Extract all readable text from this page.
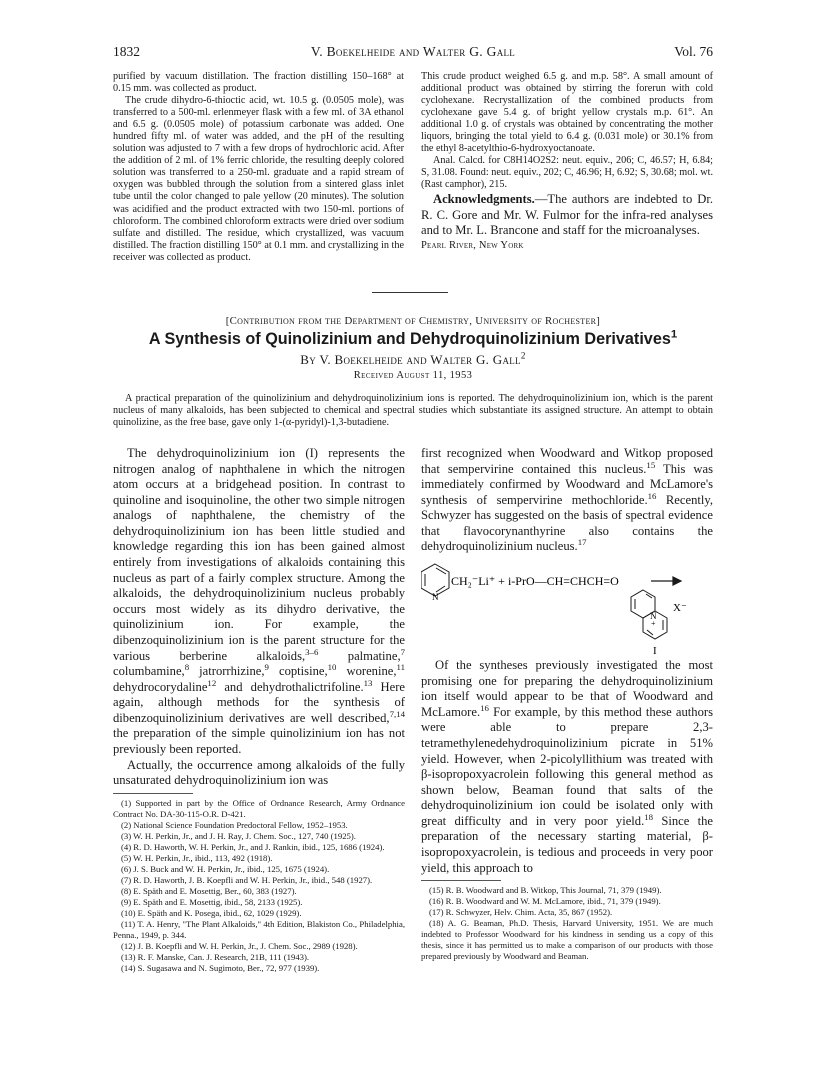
1832	V. Boekelheide and Walter G. Gall	Vol. 76

purified by vacuum distillation. The fraction distilling 150–168° at 0.15 mm. was collected as product.

The crude dihydro-6-thioctic acid, wt. 10.5 g. (0.0505 mole), was transferred to a 500-ml. erlenmeyer flask with a few ml. of 3A ethanol and 6.5 g. (0.0505 mole) of potassium carbonate was added. One hundred fifty ml. of water was added, and the pH of the resulting solution was adjusted to 7 with a few drops of hydrochloric acid. After the addition of 2 ml. of 1% ferric chloride, the resulting deeply colored solution was transferred to a 250-ml. graduate and a rapid stream of oxygen was bubbled through the solution from a sintered glass inlet tube until the color changed to pale yellow (20 minutes). The solution was acidified and the product extracted with two 150-ml. portions of chloroform. The combined chloroform extracts were dried over sodium sulfate and distilled. The residue, which crystallized, was vacuum distilled. The fraction distilling 150° at 0.1 mm. and crystallizing in the receiver was collected as product.

This crude product weighed 6.5 g. and m.p. 58°. A small amount of additional product was obtained by stirring the forerun with cold cyclohexane. Recrystallization of the combined products from cyclohexane gave 5.4 g. of bright yellow crystals m.p. 61°. An additional 1.0 g. of crystals was obtained by concentrating the mother liquors, bringing the total yield to 6.4 g. (0.031 mole) or 30.1% from the ethyl 8-acetylthio-6-hydroxyoctanoate.

Anal. Calcd. for C8H14O2S2: neut. equiv., 206; C, 46.57; H, 6.84; S, 31.08. Found: neut. equiv., 202; C, 46.96; H, 6.92; S, 30.68; mol. wt. (Rast camphor), 215.

Acknowledgments.—The authors are indebted to Dr. R. C. Gore and Mr. W. Fulmor for the infra-red analyses and to Mr. L. Brancone and staff for the microanalyses.

Pearl River, New York
[Contribution from the Department of Chemistry, University of Rochester]
A Synthesis of Quinolizinium and Dehydroquinolizinium Derivatives$^1$
By V. Boekelheide and Walter G. Gall$^2$
Received August 11, 1953
A practical preparation of the quinolizinium and dehydroquinolizinium ions is reported. The dehydroquinolizinium ion, which is the parent nucleus of many alkaloids, has been subjected to chemical and spectral studies which substantiate its assigned structure. An attempt to obtain quinolizine, as the free base, gave only 1-(α-pyridyl)-1,3-butadiene.

The dehydroquinolizinium ion (I) represents the nitrogen analog of naphthalene in which the nitrogen atom occurs at a bridgehead position. In contrast to quinoline and isoquinoline, the other two simple nitrogen analogs of naphthalene, the chemistry of the dehydroquinolizinium ion has been little studied and knowledge regarding this ion has been gained almost entirely from investigations of alkaloids containing this nucleus as part of a fairly complex structure. Among the alkaloids, the dehydroquinolizinium nucleus probably occurs most widely as its dihydro derivative, the quinolizinium ion. For example, the dibenzoquinolizinium ion is the parent structure for the various berberine alkaloids,$^{3-6}$ palmatine,$^7$ columbamine,$^8$ jatrorrhizine,$^9$ coptisine,$^{10}$ worenine,$^{11}$ dehydrocorydaline$^{12}$ and dehydrothalictrifoline.$^{13}$ Here again, although methods for the synthesis of dibenzoquinolizinium derivatives are well described,$^{7,14}$ the preparation of the simple quinolizinium ion has not previously been reported.

Actually, the occurrence among alkaloids of the fully unsaturated dehydroquinolizinium ion was

(1) Supported in part by the Office of Ordnance Research, Army Ordnance Contract No. DA-30-115-O.R. D-421.
(2) National Science Foundation Predoctoral Fellow, 1952–1953.
(3) W. H. Perkin, Jr., and J. H. Ray, J. Chem. Soc., 127, 740 (1925).
(4) R. D. Haworth, W. H. Perkin, Jr., and J. Rankin, ibid., 125, 1686 (1924).
(5) W. H. Perkin, Jr., ibid., 113, 492 (1918).
(6) J. S. Buck and W. H. Perkin, Jr., ibid., 125, 1675 (1924).
(7) R. D. Haworth, J. B. Koepfli and W. H. Perkin, Jr., ibid., 548 (1927).
(8) E. Späth and E. Mosettig, Ber., 60, 383 (1927).
(9) E. Späth and E. Mosettig, ibid., 58, 2133 (1925).
(10) E. Späth and K. Posega, ibid., 62, 1029 (1929).
(11) T. A. Henry, "The Plant Alkaloids," 4th Edition, Blakiston Co., Philadelphia, Penna., 1949, p. 344.
(12) J. B. Koepfli and W. H. Perkin, Jr., J. Chem. Soc., 2989 (1928).
(13) R. F. Manske, Can. J. Research, 21B, 111 (1943).
(14) S. Sugasawa and N. Sugimoto, Ber., 72, 977 (1939).

first recognized when Woodward and Witkop proposed that sempervirine contained this nucleus.$^{15}$ This was immediately confirmed by Woodward and McLamore's synthesis of sempervirine methochloride.$^{16}$ Recently, Schwyzer has suggested on the basis of spectral evidence that flavocorynanthyrine also contains the dehydroquinolizinium nucleus.$^{17}$

N
CH₂⁻Li⁺ + i-PrO—CH=CHCH=O
N
+
X⁻
I

Of the syntheses previously investigated the most promising one for preparing the dehydroquinolizinium ion itself would appear to be that of Woodward and McLamore.$^{16}$ For example, by this method these authors were able to prepare 2,3-tetramethylenedehydroquinolizinium picrate in 51% yield. However, when 2-picolyllithium was treated with β-isopropoxyacrolein following this general method as shown below, Beaman found that salts of the dehydroquinolizinium ion could be isolated only with great difficulty and in very poor yield.$^{18}$ Since the preparation of the necessary starting material, β-isopropoxyacrolein, is tedious and proceeds in very poor yield, this approach to

(15) R. B. Woodward and B. Witkop, This Journal, 71, 379 (1949).
(16) R. B. Woodward and W. M. McLamore, ibid., 71, 379 (1949).
(17) R. Schwyzer, Helv. Chim. Acta, 35, 867 (1952).
(18) A. G. Beaman, Ph.D. Thesis, Harvard University, 1951. We are much indebted to Professor Woodward for his kindness in sending us a copy of this thesis, since it has permitted us to make a comparison of our products with those prepared previously by Woodward and Beaman.
